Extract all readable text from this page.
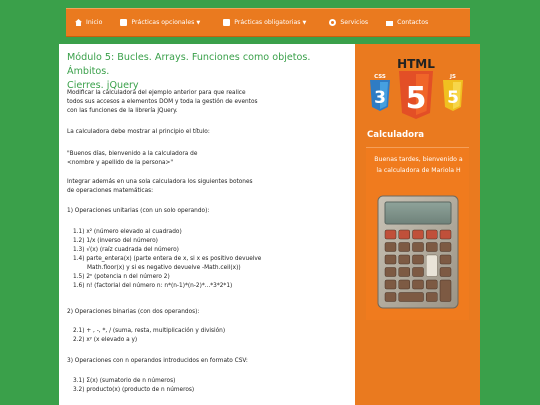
Inicio	Prácticas opcionales ▼	Prácticas obligatorias ▼	Servicios	Contactos
Módulo 5: Bucles. Arrays. Funciones como objetos. Ámbitos.
Cierres. jQuery
Modificar la calculadora del ejemplo anterior para que realice
todos sus accesos a elementos DOM y toda la gestión de eventos
con las funciones de la librería jQuery.
La calculadora debe mostrar al principio el título:
"Buenos días, bienvenido a la calculadora de
<nombre y apellido de la persona>"
Integrar además en una sola calculadora los siguientes botones
de operaciones matemáticas:
1) Operaciones unitarias (con un solo operando):
1.1) x² (número elevado al cuadrado)
1.2) 1/x (inverso del número)
1.3) √(x) (raíz cuadrada del número)
1.4) parte_entera(x) (parte entera de x, si x es positivo devuelve
Math.floor(x) y si es negativo devuelve -Math.ceil(x))
1.5) 2ⁿ (potencia n del número 2)
1.6) n! (factorial del número n: n*(n-1)*(n-2)*...*3*2*1)
2) Operaciones binarias (con dos operandos):
2.1) + , -, *, / (suma, resta, multiplicación y división)
2.2) xʸ (x elevado a y)
3) Operaciones con n operandos introducidos en formato CSV:
3.1) Σ(x) (sumatorio de n números)
3.2) producto(x) (producto de n números)
HTML
CSS
3 5
JS
5
Calculadora
Buenas tardes, bienvenido a
la calculadora de Mariola H
